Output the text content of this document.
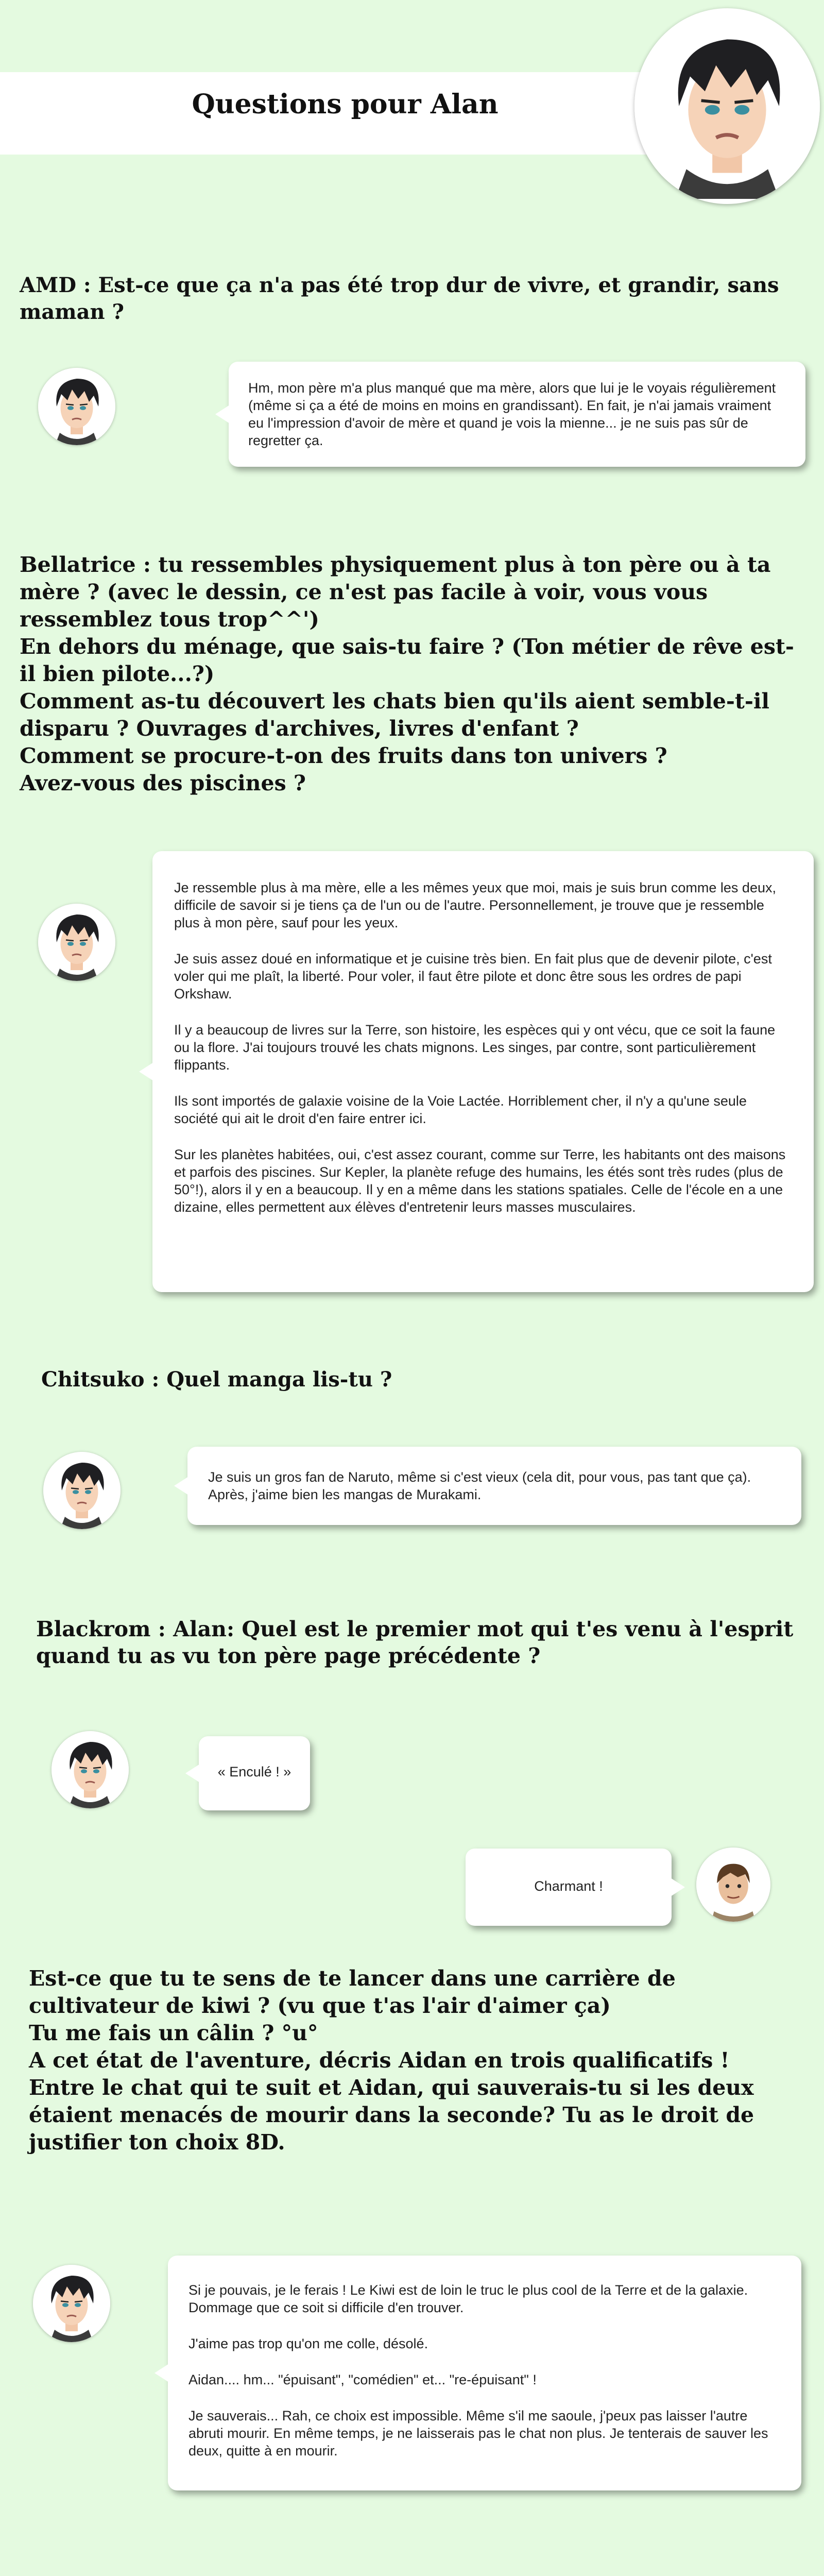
Questions pour Alan
AMD : Est-ce que ça n'a pas été trop dur de vivre, et grandir, sans maman ?

Hm, mon père m'a plus manqué que ma mère, alors que lui je le voyais régulièrement (même si ça a été de moins en moins en grandissant). En fait, je n'ai jamais vraiment eu l'impression d'avoir de mère et quand je vois la mienne... je ne suis pas sûr de regretter ça.

Bellatrice : tu ressembles physiquement plus à ton père ou à ta mère ? (avec le dessin, ce n'est pas facile à voir, vous vous ressemblez tous trop^^')
En dehors du ménage, que sais-tu faire ? (Ton métier de rêve est-il bien pilote...?)
Comment as-tu découvert les chats bien qu'ils aient semble-t-il disparu ? Ouvrages d'archives, livres d'enfant ?
Comment se procure-t-on des fruits dans ton univers ?
Avez-vous des piscines ?

Je ressemble plus à ma mère, elle a les mêmes yeux que moi, mais je suis brun comme les deux, difficile de savoir si je tiens ça de l'un ou de l'autre. Personnellement, je trouve que je ressemble plus à mon père, sauf pour les yeux.

Je suis assez doué en informatique et je cuisine très bien. En fait plus que de devenir pilote, c'est voler qui me plaît, la liberté. Pour voler, il faut être pilote et donc être sous les ordres de papi Orkshaw.

Il y a beaucoup de livres sur la Terre, son histoire, les espèces qui y ont vécu, que ce soit la faune ou la flore. J'ai toujours trouvé les chats mignons. Les singes, par contre, sont particulièrement flippants.

Ils sont importés de galaxie voisine de la Voie Lactée. Horriblement cher, il n'y a qu'une seule société qui ait le droit d'en faire entrer ici.

Sur les planètes habitées, oui, c'est assez courant, comme sur Terre, les habitants ont des maisons et parfois des piscines. Sur Kepler, la planète refuge des humains, les étés sont très rudes (plus de 50°!), alors il y en a beaucoup. Il y en a même dans les stations spatiales. Celle de l'école en a une dizaine, elles permettent aux élèves d'entretenir leurs masses musculaires.

Chitsuko : Quel manga lis-tu ?

Je suis un gros fan de Naruto, même si c'est vieux (cela dit, pour vous, pas tant que ça). Après, j'aime bien les mangas de Murakami.

Blackrom : Alan: Quel est le premier mot qui t'es venu à l'esprit quand tu as vu ton père page précédente ?

« Enculé ! »

Charmant !

Est-ce que tu te sens de te lancer dans une carrière de cultivateur de kiwi ? (vu que t'as l'air d'aimer ça)
Tu me fais un câlin ? °u°
A cet état de l'aventure, décris Aidan en trois qualificatifs !
Entre le chat qui te suit et Aidan, qui sauverais-tu si les deux étaient menacés de mourir dans la seconde? Tu as le droit de justifier ton choix 8D.

Si je pouvais, je le ferais ! Le Kiwi est de loin le truc le plus cool de la Terre et de la galaxie. Dommage que ce soit si difficile d'en trouver.

J'aime pas trop qu'on me colle, désolé.

Aidan.... hm... "épuisant", "comédien" et... "re-épuisant" !

Je sauverais... Rah, ce choix est impossible. Même s'il me saoule, j'peux pas laisser l'autre abruti mourir. En même temps, je ne laisserais pas le chat non plus. Je tenterais de sauver les deux, quitte à en mourir.
